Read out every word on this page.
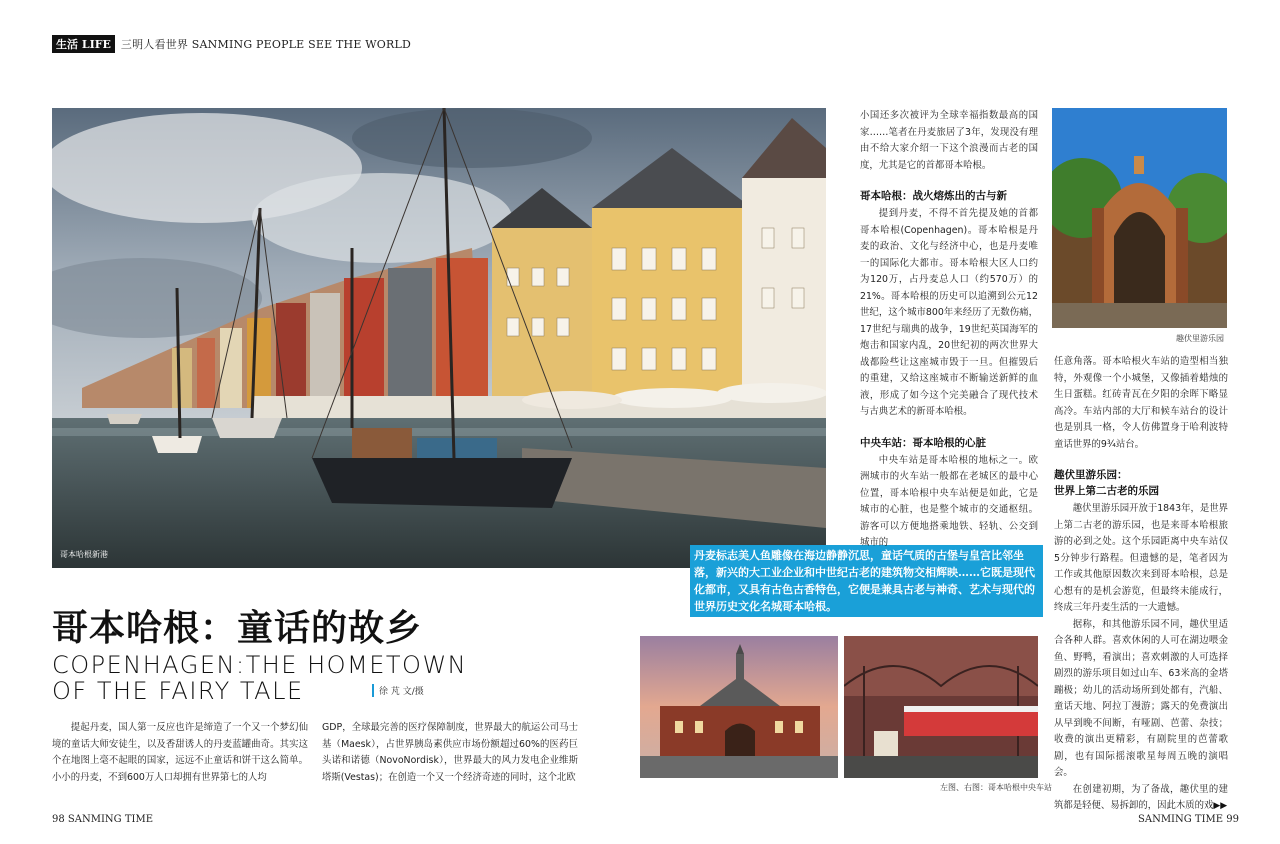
生活 LIFE 三明人看世界 SANMING PEOPLE SEE THE WORLD
哥本哈根新港
趣伏里游乐园
左图、右图：哥本哈根中央车站
丹麦标志美人鱼雕像在海边静静沉思，童话气质的古堡与皇宫比邻坐落，新兴的大工业企业和中世纪古老的建筑物交相辉映……它既是现代化都市，又具有古色古香特色，它便是兼具古老与神奇、艺术与现代的世界历史文化名城哥本哈根。
哥本哈根：童话的故乡
COPENHAGEN:THE HOMETOWN
OF THE FAIRY TALE	徐 芃 文/摄

提起丹麦，国人第一反应也许是缔造了一个又一个梦幻仙境的童话大师安徒生，以及香甜诱人的丹麦蓝罐曲奇。其实这个在地图上毫不起眼的国家，远远不止童话和饼干这么简单。小小的丹麦，不到600万人口却拥有世界第七的人均

GDP，全球最完善的医疗保障制度，世界最大的航运公司马士基（Maesk），占世界胰岛素供应市场份额超过60%的医药巨头诺和诺德（NovoNordisk），世界最大的风力发电企业维斯塔斯(Vestas)；在创造一个又一个经济奇迹的同时，这个北欧

小国还多次被评为全球幸福指数最高的国家……笔者在丹麦旅居了3年，发现没有理由不给大家介绍一下这个浪漫而古老的国度，尤其是它的首都哥本哈根。

哥本哈根：战火熔炼出的古与新

提到丹麦，不得不首先提及她的首都哥本哈根(Copenhagen)。哥本哈根是丹麦的政治、文化与经济中心，也是丹麦唯一的国际化大都市。哥本哈根大区人口约为120万，占丹麦总人口（约570万）的21%。哥本哈根的历史可以追溯到公元12世纪，这个城市800年来经历了无数伤痛，17世纪与瑞典的战争，19世纪英国海军的炮击和国家内乱，20世纪初的两次世界大战都险些让这座城市毁于一旦。但摧毁后的重建，又给这座城市不断输送新鲜的血液，形成了如今这个完美融合了现代技术与古典艺术的新哥本哈根。

中央车站：哥本哈根的心脏

中央车站是哥本哈根的地标之一。欧洲城市的火车站一般都在老城区的最中心位置，哥本哈根中央车站便是如此，它是城市的心脏，也是整个城市的交通枢纽。游客可以方便地搭乘地铁、轻轨、公交到城市的

任意角落。哥本哈根火车站的造型相当独特，外观像一个小城堡，又像插着蜡烛的生日蛋糕。红砖青瓦在夕阳的余晖下略显高冷。车站内部的大厅和候车站台的设计也是别具一格，令人仿佛置身于哈利波特童话世界的9¾站台。

趣伏里游乐园：

世界上第二古老的乐园

趣伏里游乐园开放于1843年，是世界上第二古老的游乐园，也是来哥本哈根旅游的必到之处。这个乐园距离中央车站仅5分钟步行路程。但遗憾的是，笔者因为工作或其他原因数次来到哥本哈根，总是心想有的是机会游览，但最终未能成行，终成三年丹麦生活的一大遗憾。

据称，和其他游乐园不同，趣伏里适合各种人群。喜欢休闲的人可在湖边喂金鱼、野鸭，看演出；喜欢刺激的人可选择剧烈的游乐项目如过山车、63米高的金塔蹦极；幼儿的活动场所到处都有，汽船、童话天地、阿拉丁漫游；露天的免费演出从早到晚不间断，有哑剧、芭蕾、杂技；收费的演出更精彩，有剧院里的芭蕾歌剧，也有国际摇滚歌星每周五晚的演唱会。

在创建初期，为了备战，趣伏里的建筑都是轻便、易拆卸的，因此木质的戏▶▶

98 SANMING TIME	SANMING TIME 99
